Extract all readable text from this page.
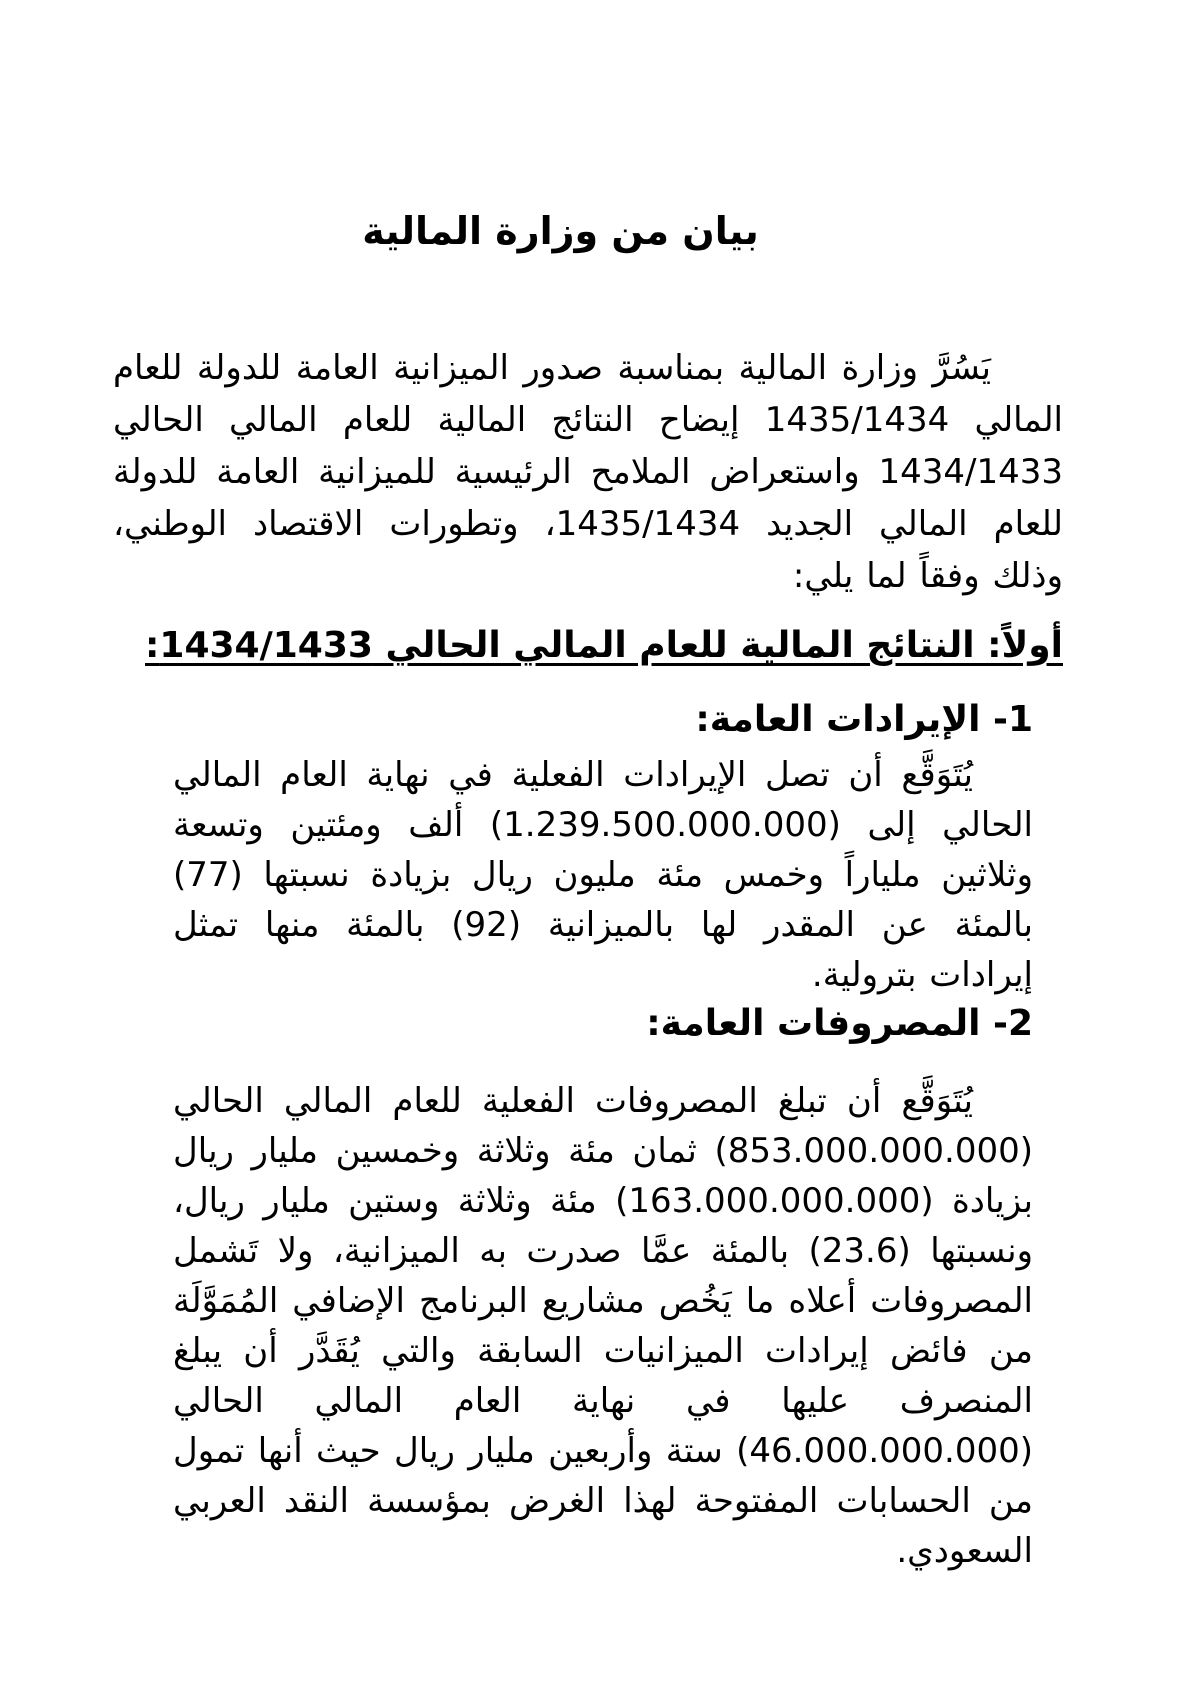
بيان من وزارة المالية

يَسُرَّ وزارة المالية بمناسبة صدور الميزانية العامة للدولة للعام المالي 1435/1434 إيضاح النتائج المالية للعام المالي الحالي 1434/1433 واستعراض الملامح الرئيسية للميزانية العامة للدولة للعام المالي الجديد 1435/1434، وتطورات الاقتصاد الوطني، وذلك وفقاً لما يلي:

أولاً: النتائج المالية للعام المالي الحالي 1434/1433:
1- الإيرادات العامة:

يُتَوَقَّع أن تصل الإيرادات الفعلية في نهاية العام المالي الحالي إلى (1.239.500.000.000) ألف ومئتين وتسعة وثلاثين ملياراً وخمس مئة مليون ريال بزيادة نسبتها (77) بالمئة عن المقدر لها بالميزانية (92) بالمئة منها تمثل إيرادات بترولية.

2- المصروفات العامة:

يُتَوَقَّع أن تبلغ المصروفات الفعلية للعام المالي الحالي (853.000.000.000) ثمان مئة وثلاثة وخمسين مليار ريال بزيادة (163.000.000.000) مئة وثلاثة وستين مليار ريال، ونسبتها (23.6) بالمئة عمَّا صدرت به الميزانية، ولا تَشمل المصروفات أعلاه ما يَخُص مشاريع البرنامج الإضافي المُمَوَّلَة من فائض إيرادات الميزانيات السابقة والتي يُقَدَّر أن يبلغ المنصرف عليها في نهاية العام المالي الحالي (46.000.000.000) ستة وأربعين مليار ريال حيث أنها تمول من الحسابات المفتوحة لهذا الغرض بمؤسسة النقد العربي السعودي.
